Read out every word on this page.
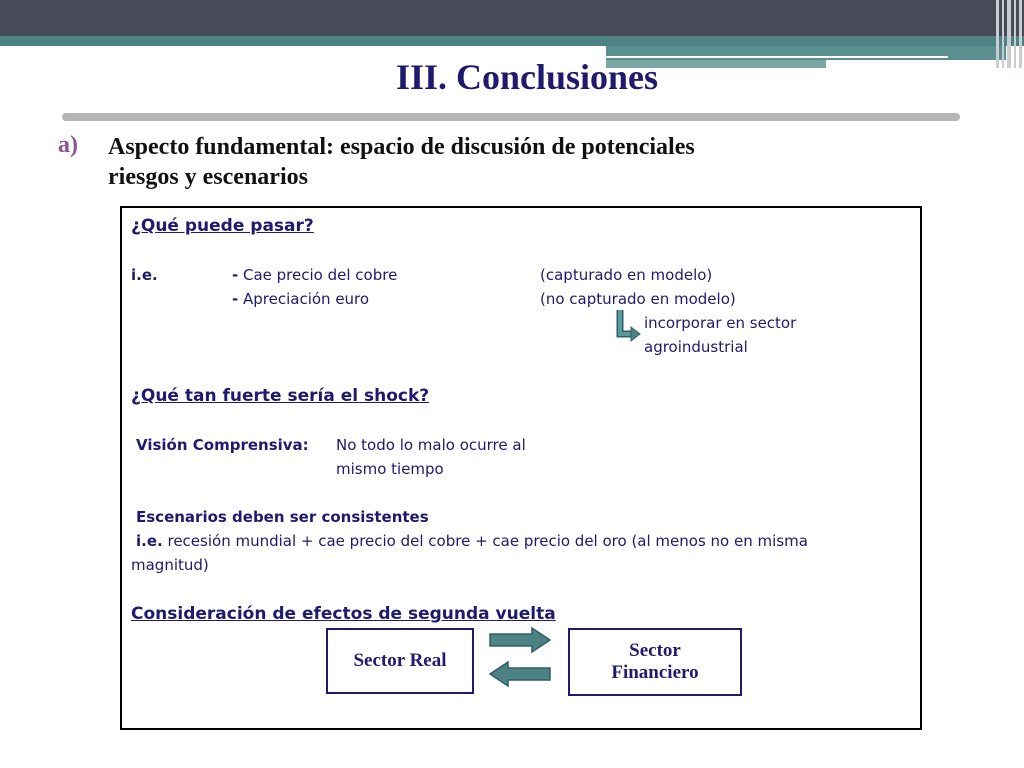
III. Conclusiones
a) Aspecto fundamental: espacio de discusión de potenciales
riesgos y escenarios
¿Qué puede pasar?
i.e.	- Cae precio del cobre	(capturado en modelo)
- Apreciación euro	(no capturado en modelo)
incorporar en sector
agroindustrial
¿Qué tan fuerte sería el shock?
Visión Comprensiva: No todo lo malo ocurre al
mismo tiempo
Escenarios deben ser consistentes
i.e. recesión mundial + cae precio del cobre + cae precio del oro (al menos no en misma
magnitud)
Consideración de efectos de segunda vuelta
Sector Real	Sector
Financiero
